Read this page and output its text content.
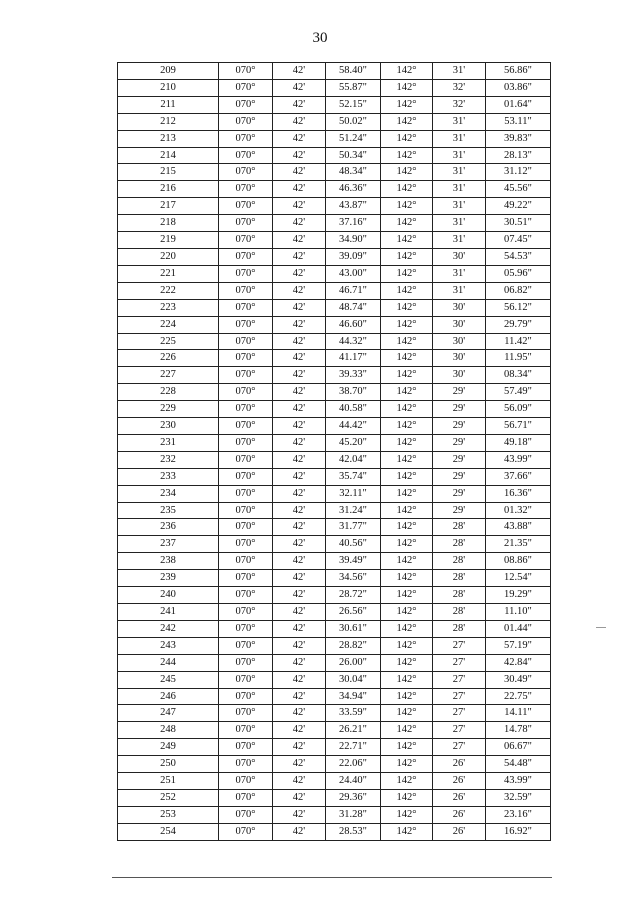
30
209	070°	42'	58.40"	142°	31'	56.86"
210	070°	42'	55.87"	142°	32'	03.86"
211	070°	42'	52.15"	142°	32'	01.64"
212	070°	42'	50.02"	142°	31'	53.11"
213	070°	42'	51.24"	142°	31'	39.83"
214	070°	42'	50.34"	142°	31'	28.13"
215	070°	42'	48.34"	142°	31'	31.12"
216	070°	42'	46.36"	142°	31'	45.56"
217	070°	42'	43.87"	142°	31'	49.22"
218	070°	42'	37.16"	142°	31'	30.51"
219	070°	42'	34.90"	142°	31'	07.45"
220	070°	42'	39.09"	142°	30'	54.53"
221	070°	42'	43.00"	142°	31'	05.96"
222	070°	42'	46.71"	142°	31'	06.82"
223	070°	42'	48.74"	142°	30'	56.12"
224	070°	42'	46.60"	142°	30'	29.79"
225	070°	42'	44.32"	142°	30'	11.42"
226	070°	42'	41.17"	142°	30'	11.95"
227	070°	42'	39.33"	142°	30'	08.34"
228	070°	42'	38.70"	142°	29'	57.49"
229	070°	42'	40.58"	142°	29'	56.09"
230	070°	42'	44.42"	142°	29'	56.71"
231	070°	42'	45.20"	142°	29'	49.18"
232	070°	42'	42.04"	142°	29'	43.99"
233	070°	42'	35.74"	142°	29'	37.66"
234	070°	42'	32.11"	142°	29'	16.36"
235	070°	42'	31.24"	142°	29'	01.32"
236	070°	42'	31.77"	142°	28'	43.88"
237	070°	42'	40.56"	142°	28'	21.35"
238	070°	42'	39.49"	142°	28'	08.86"
239	070°	42'	34.56"	142°	28'	12.54"
240	070°	42'	28.72"	142°	28'	19.29"
241	070°	42'	26.56"	142°	28'	11.10"
242	070°	42'	30.61"	142°	28'	01.44"
243	070°	42'	28.82"	142°	27'	57.19"
244	070°	42'	26.00"	142°	27'	42.84"
245	070°	42'	30.04"	142°	27'	30.49"
246	070°	42'	34.94"	142°	27'	22.75"
247	070°	42'	33.59"	142°	27'	14.11"
248	070°	42'	26.21"	142°	27'	14.78"
249	070°	42'	22.71"	142°	27'	06.67"
250	070°	42'	22.06"	142°	26'	54.48"
251	070°	42'	24.40"	142°	26'	43.99"
252	070°	42'	29.36"	142°	26'	32.59"
253	070°	42'	31.28"	142°	26'	23.16"
254	070°	42'	28.53"	142°	26'	16.92"
